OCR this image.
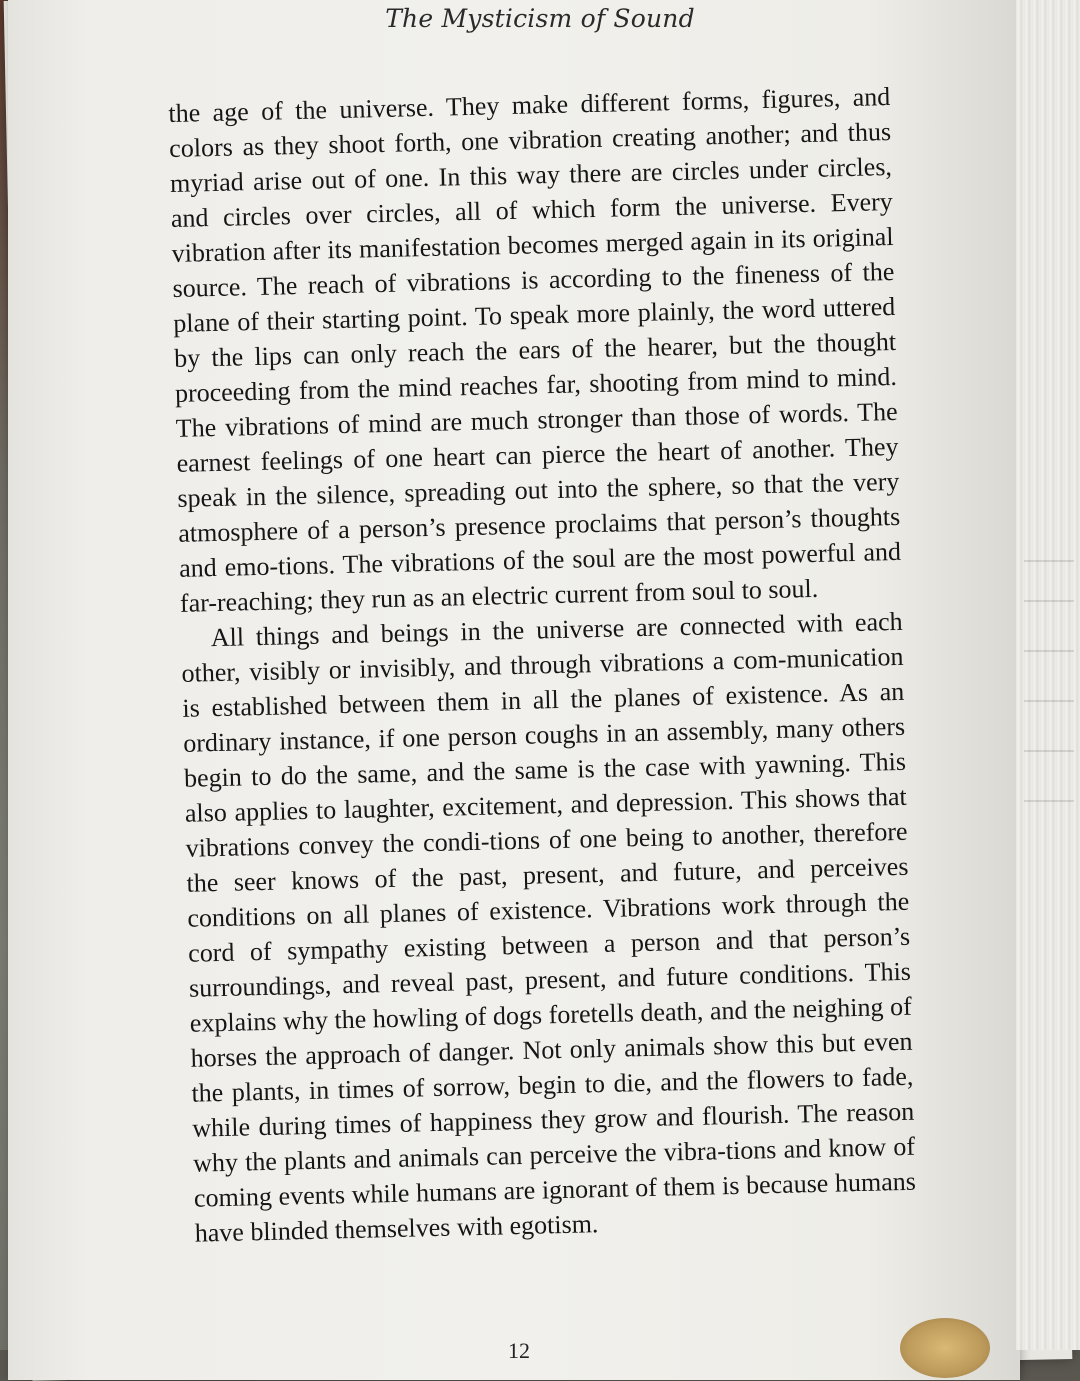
The Mysticism of Sound

the age of the universe. They make different forms, figures, and colors as they shoot forth, one vibration creating another; and thus myriad arise out of one. In this way there are circles under circles, and circles over circles, all of which form the universe. Every vibration after its manifestation becomes merged again in its original source. The reach of vibrations is according to the fineness of the plane of their starting point. To speak more plainly, the word uttered by the lips can only reach the ears of the hearer, but the thought proceeding from the mind reaches far, shooting from mind to mind. The vibrations of mind are much stronger than those of words. The earnest feelings of one heart can pierce the heart of another. They speak in the silence, spreading out into the sphere, so that the very atmosphere of a person’s presence proclaims that person’s thoughts and emo-tions. The vibrations of the soul are the most powerful and far-reaching; they run as an electric current from soul to soul.

All things and beings in the universe are connected with each other, visibly or invisibly, and through vibrations a com-munication is established between them in all the planes of existence. As an ordinary instance, if one person coughs in an assembly, many others begin to do the same, and the same is the case with yawning. This also applies to laughter, excitement, and depression. This shows that vibrations convey the condi-tions of one being to another, therefore the seer knows of the past, present, and future, and perceives conditions on all planes of existence. Vibrations work through the cord of sympathy existing between a person and that person’s surroundings, and reveal past, present, and future conditions. This explains why the howling of dogs foretells death, and the neighing of horses the approach of danger. Not only animals show this but even the plants, in times of sorrow, begin to die, and the flowers to fade, while during times of happiness they grow and flourish. The reason why the plants and animals can perceive the vibra-tions and know of coming events while humans are ignorant of them is because humans have blinded themselves with egotism.

12
